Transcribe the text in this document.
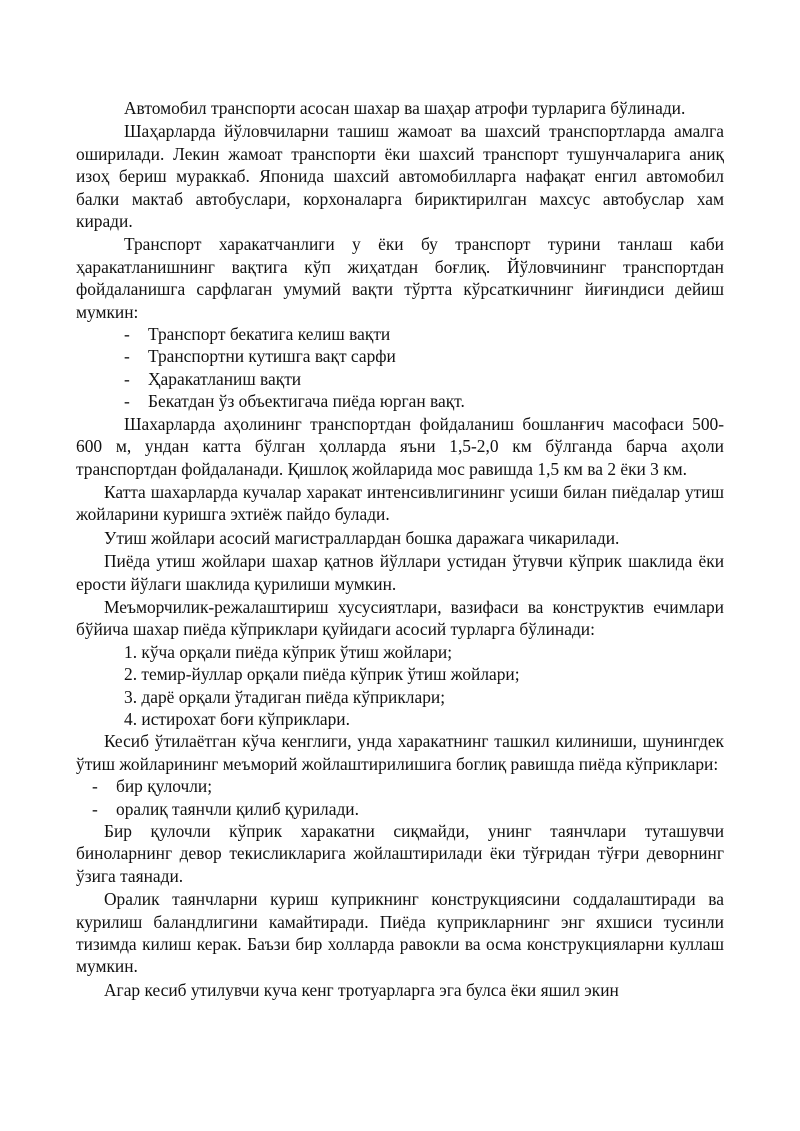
Автомобил транспорти асосан шахар ва шаҳар атрофи турларига бўлинади.

Шаҳарларда йўловчиларни ташиш жамоат ва шахсий транспортларда амалга оширилади. Лекин жамоат транспорти ёки шахсий транспорт тушунчаларига аниқ изоҳ бериш мураккаб. Японида шахсий автомобилларга нафақат енгил автомобил балки мактаб автобуслари, корхоналарга бириктирилган махсус автобуслар хам киради.

Транспорт харакатчанлиги у ёки бу транспорт турини танлаш каби ҳаракатланишнинг вақтига кўп жиҳатдан боғлиқ. Йўловчининг транспортдан фойдаланишга сарфлаган умумий вақти тўртта кўрсаткичнинг йиғиндиси дейиш мумкин:

- Транспорт бекатига келиш вақти
- Транспортни кутишга вақт сарфи
- Ҳаракатланиш вақти
- Бекатдан ўз объектигача пиёда юрган вақт.

Шахарларда аҳолининг транспортдан фойдаланиш бошланғич масофаси 500-600 м, ундан катта бўлган ҳолларда яъни 1,5-2,0 км бўлганда барча аҳоли транспортдан фойдаланади. Қишлоқ жойларида мос равишда 1,5 км ва 2 ёки 3 км.

Катта шахарларда кучалар харакат интенсивлигининг усиши билан пиёдалар утиш жойларини куришга эхтиёж пайдо булади.

Утиш жойлари асосий магистраллардан бошка даражага чикарилади.

Пиёда утиш жойлари шахар қатнов йўллари устидан ўтувчи кўприк шаклида ёки ерости йўлаги шаклида қурилиши мумкин.

Меъморчилик-режалаштириш хусусиятлари, вазифаси ва конструктив ечимлари бўйича шахар пиёда кўприклари қуйидаги асосий турларга бўлинади:

1. кўча орқали пиёда кўприк ўтиш жойлари;
2. темир-йуллар орқали пиёда кўприк ўтиш жойлари;
3. дарё орқали ўтадиган пиёда кўприклари;
4. истирохат боғи кўприклари.

Кесиб ўтилаётган кўча кенглиги, унда харакатнинг ташкил килиниши, шунингдек ўтиш жойларининг меъморий жойлаштирилишига боглиқ равишда пиёда кўприклари:

- бир қулочли;
- оралиқ таянчли қилиб қурилади.

Бир қулочли кўприк харакатни сиқмайди, унинг таянчлари туташувчи биноларнинг девор текисликларига жойлаштирилади ёки тўғридан тўғри деворнинг ўзига таянади.

Оралик таянчларни куриш куприкнинг конструкциясини соддалаштиради ва курилиш баландлигини камайтиради. Пиёда куприкларнинг энг яхшиси тусинли тизимда килиш керак. Баъзи бир холларда равокли ва осма конструкцияларни куллаш мумкин.

Агар кесиб утилувчи куча кенг тротуарларга эга булса ёки яшил экин
